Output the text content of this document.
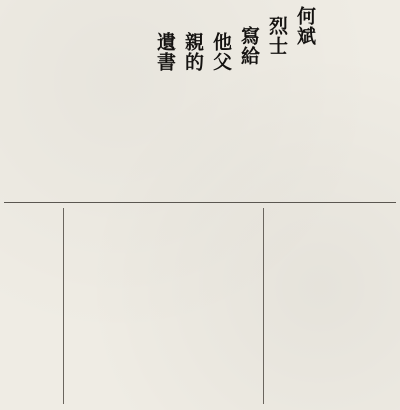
何斌
烈士
寫給
他父
親的
遺書
